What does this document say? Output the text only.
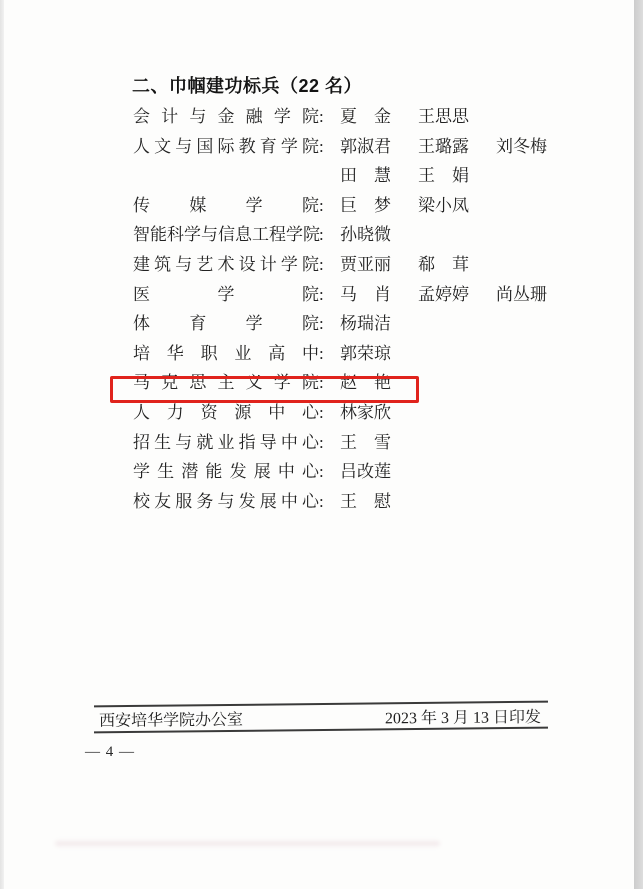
二、巾帼建功标兵（22 名）
会计与金融学院: 夏　金 王思思
人文与国际教育学院: 郭淑君 王璐露 刘冬梅
田　慧 王　娟
传媒学院: 巨　梦 梁小凤
智能科学与信息工程学院: 孙晓微
建筑与艺术设计学院: 贾亚丽 郗　茸
医学院: 马　肖 孟婷婷 尚丛珊
体育学院: 杨瑞洁
培华职业高中: 郭荣琼
马克思主义学院: 赵　艳
人力资源中心: 林家欣
招生与就业指导中心: 王　雪
学生潜能发展中心: 吕改莲
校友服务与发展中心: 王　慰
西安培华学院办公室	2023 年 3 月 13 日印发
— 4 —
